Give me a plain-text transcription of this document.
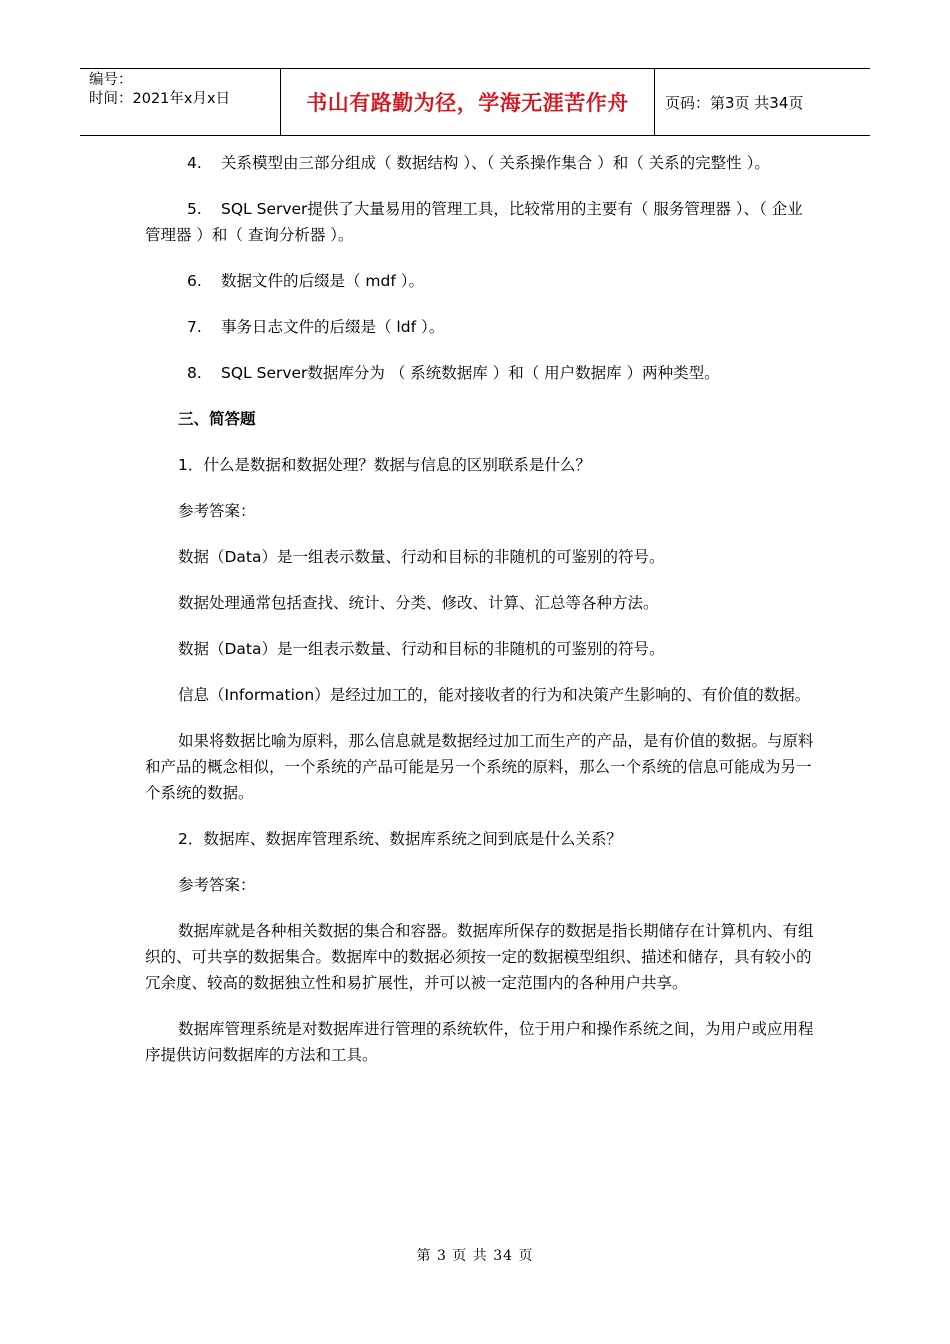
编号：
时间：2021年x月x日	书山有路勤为径，学海无涯苦作舟 页码：第3页 共34页

4. 关系模型由三部分组成（ 数据结构 ）、（ 关系操作集合 ）和（ 关系的完整性 ）。

5. SQL Server提供了大量易用的管理工具，比较常用的主要有（ 服务管理器 ）、（ 企业管理器 ）和（ 查询分析器 ）。

6. 数据文件的后缀是（ mdf ）。

7. 事务日志文件的后缀是（ ldf ）。

8. SQL Server数据库分为 （ 系统数据库 ）和（ 用户数据库 ）两种类型。

三、简答题

1．什么是数据和数据处理？数据与信息的区别联系是什么？

参考答案：

数据（Data）是一组表示数量、行动和目标的非随机的可鉴别的符号。

数据处理通常包括查找、统计、分类、修改、计算、汇总等各种方法。

数据（Data）是一组表示数量、行动和目标的非随机的可鉴别的符号。

信息（Information）是经过加工的，能对接收者的行为和决策产生影响的、有价值的数据。

如果将数据比喻为原料，那么信息就是数据经过加工而生产的产品，是有价值的数据。与原料和产品的概念相似，一个系统的产品可能是另一个系统的原料，那么一个系统的信息可能成为另一个系统的数据。

2．数据库、数据库管理系统、数据库系统之间到底是什么关系？

参考答案：

数据库就是各种相关数据的集合和容器。数据库所保存的数据是指长期储存在计算机内、有组织的、可共享的数据集合。数据库中的数据必须按一定的数据模型组织、描述和储存，具有较小的冗余度、较高的数据独立性和易扩展性，并可以被一定范围内的各种用户共享。

数据库管理系统是对数据库进行管理的系统软件，位于用户和操作系统之间，为用户或应用程序提供访问数据库的方法和工具。

第 3 页 共 34 页
